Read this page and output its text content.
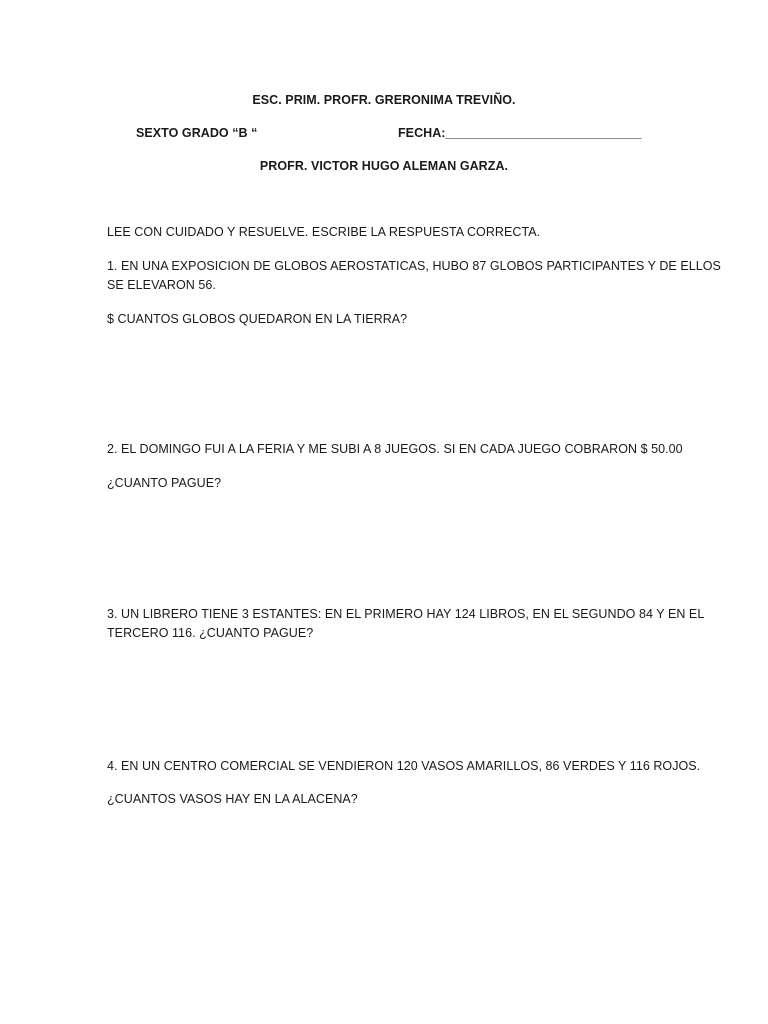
ESC. PRIM. PROFR. GRERONIMA TREVIÑO.
SEXTO GRADO “B “	FECHA:____________________________
PROFR. VICTOR HUGO ALEMAN GARZA.
LEE CON CUIDADO Y RESUELVE. ESCRIBE LA RESPUESTA CORRECTA.
1. EN UNA EXPOSICION DE GLOBOS AEROSTATICAS, HUBO 87 GLOBOS PARTICIPANTES Y DE ELLOS
SE ELEVARON 56.
$ CUANTOS GLOBOS QUEDARON EN LA TIERRA?
2. EL DOMINGO FUI A LA FERIA Y ME SUBI A 8 JUEGOS. SI EN CADA JUEGO COBRARON $ 50.00
¿CUANTO PAGUE?
3. UN LIBRERO TIENE 3 ESTANTES: EN EL PRIMERO HAY 124 LIBROS, EN EL SEGUNDO 84 Y EN EL
TERCERO 116. ¿CUANTO PAGUE?
4. EN UN CENTRO COMERCIAL SE VENDIERON 120 VASOS AMARILLOS, 86 VERDES Y 116 ROJOS.
¿CUANTOS VASOS HAY EN LA ALACENA?
